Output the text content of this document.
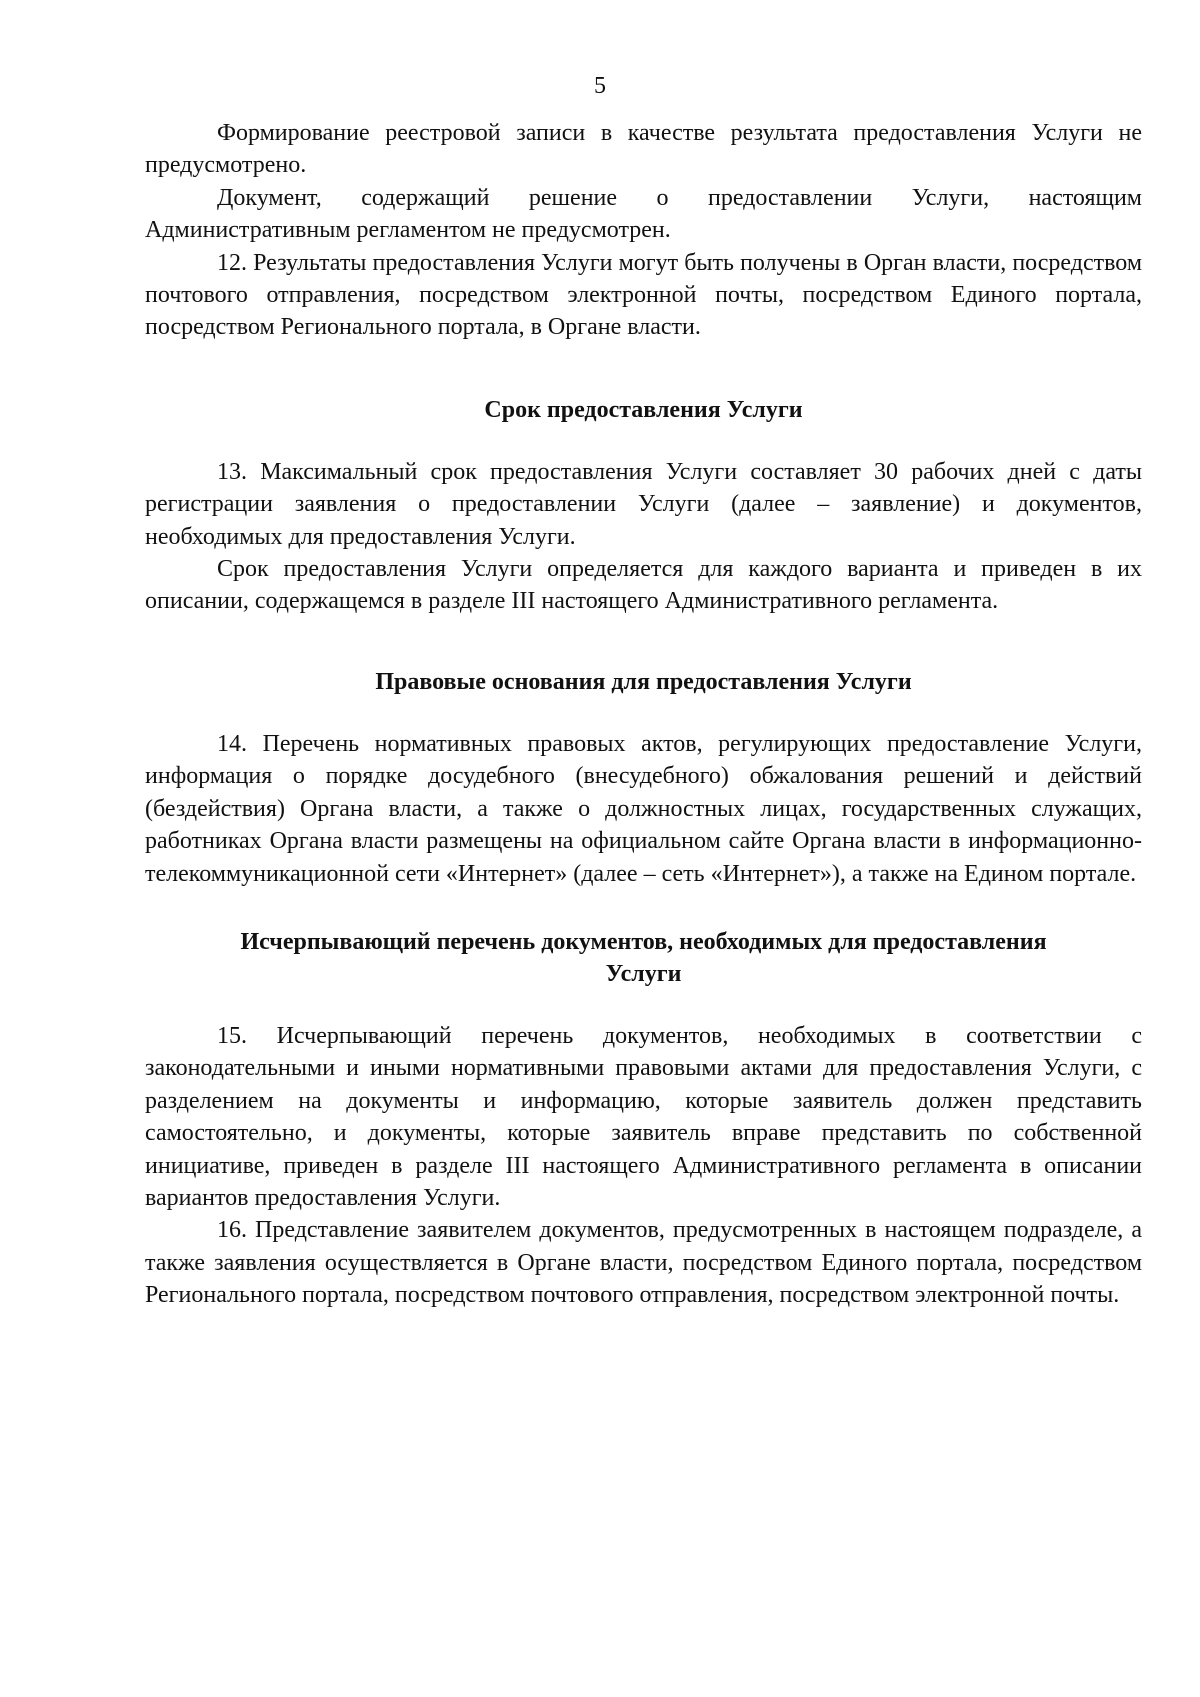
5

Формирование реестровой записи в качестве результата предоставления Услуги не предусмотрено.

Документ, содержащий решение о предоставлении Услуги, настоящим Административным регламентом не предусмотрен.

12. Результаты предоставления Услуги могут быть получены в Орган власти, посредством почтового отправления, посредством электронной почты, посредством Единого портала, посредством Регионального портала, в Органе власти.

Срок предоставления Услуги

13. Максимальный срок предоставления Услуги составляет 30 рабочих дней с даты регистрации заявления о предоставлении Услуги (далее – заявление) и документов, необходимых для предоставления Услуги.

Срок предоставления Услуги определяется для каждого варианта и приведен в их описании, содержащемся в разделе III настоящего Административного регламента.

Правовые основания для предоставления Услуги

14. Перечень нормативных правовых актов, регулирующих предоставление Услуги, информация о порядке досудебного (внесудебного) обжалования решений и действий (бездействия) Органа власти, а также о должностных лицах, государственных служащих, работниках Органа власти размещены на официальном сайте Органа власти в информационно-телекоммуникационной сети «Интернет» (далее – сеть «Интернет»), а также на Едином портале.

Исчерпывающий перечень документов, необходимых для предоставления
Услуги

15. Исчерпывающий перечень документов, необходимых в соответствии с законодательными и иными нормативными правовыми актами для предоставления Услуги, с разделением на документы и информацию, которые заявитель должен представить самостоятельно, и документы, которые заявитель вправе представить по собственной инициативе, приведен в разделе III настоящего Административного регламента в описании вариантов предоставления Услуги.

16. Представление заявителем документов, предусмотренных в настоящем подразделе, а также заявления осуществляется в Органе власти, посредством Единого портала, посредством Регионального портала, посредством почтового отправления, посредством электронной почты.
